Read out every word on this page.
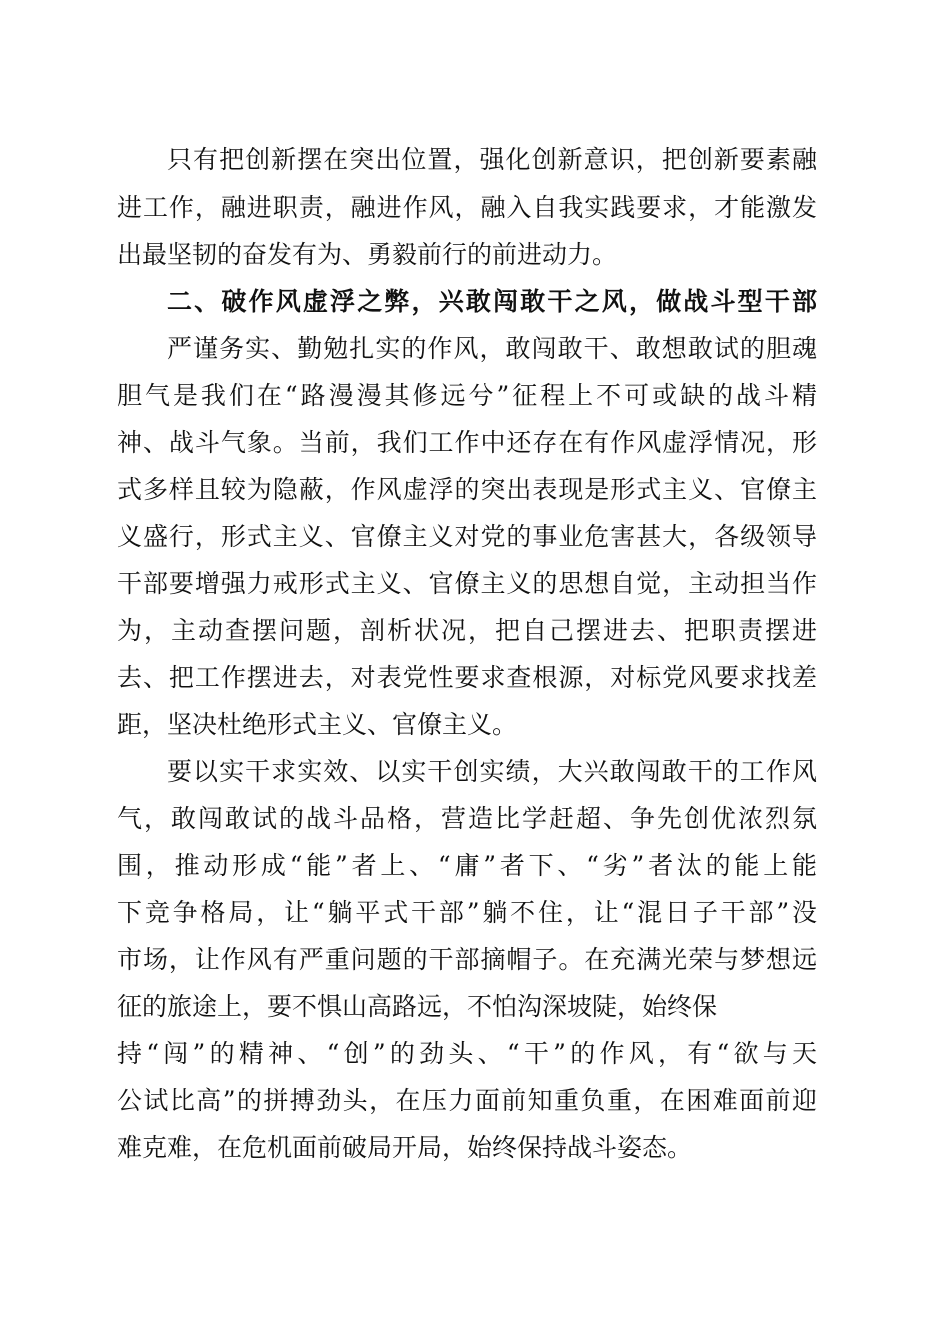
只有把创新摆在突出位置，强化创新意识，把创新要素融
进工作，融进职责，融进作风，融入自我实践要求，才能激发
出最坚韧的奋发有为、勇毅前行的前进动力。
二、破作风虚浮之弊，兴敢闯敢干之风，做战斗型干部
严谨务实、勤勉扎实的作风，敢闯敢干、敢想敢试的胆魂
胆气是我们在“路漫漫其修远兮”征程上不可或缺的战斗精
神、战斗气象。当前，我们工作中还存在有作风虚浮情况，形
式多样且较为隐蔽，作风虚浮的突出表现是形式主义、官僚主
义盛行，形式主义、官僚主义对党的事业危害甚大，各级领导
干部要增强力戒形式主义、官僚主义的思想自觉，主动担当作
为，主动查摆问题，剖析状况，把自己摆进去、把职责摆进
去、把工作摆进去，对表党性要求查根源，对标党风要求找差
距，坚决杜绝形式主义、官僚主义。
要以实干求实效、以实干创实绩，大兴敢闯敢干的工作风
气，敢闯敢试的战斗品格，营造比学赶超、争先创优浓烈氛
围，推动形成“能”者上、“庸”者下、“劣”者汰的能上能
下竞争格局，让“躺平式干部”躺不住，让“混日子干部”没
市场，让作风有严重问题的干部摘帽子。在充满光荣与梦想远
征的旅途上，要不惧山高路远，不怕沟深坡陡，始终保
持“闯”的精神、“创”的劲头、“干”的作风，有“欲与天
公试比高”的拼搏劲头，在压力面前知重负重，在困难面前迎
难克难，在危机面前破局开局，始终保持战斗姿态。
